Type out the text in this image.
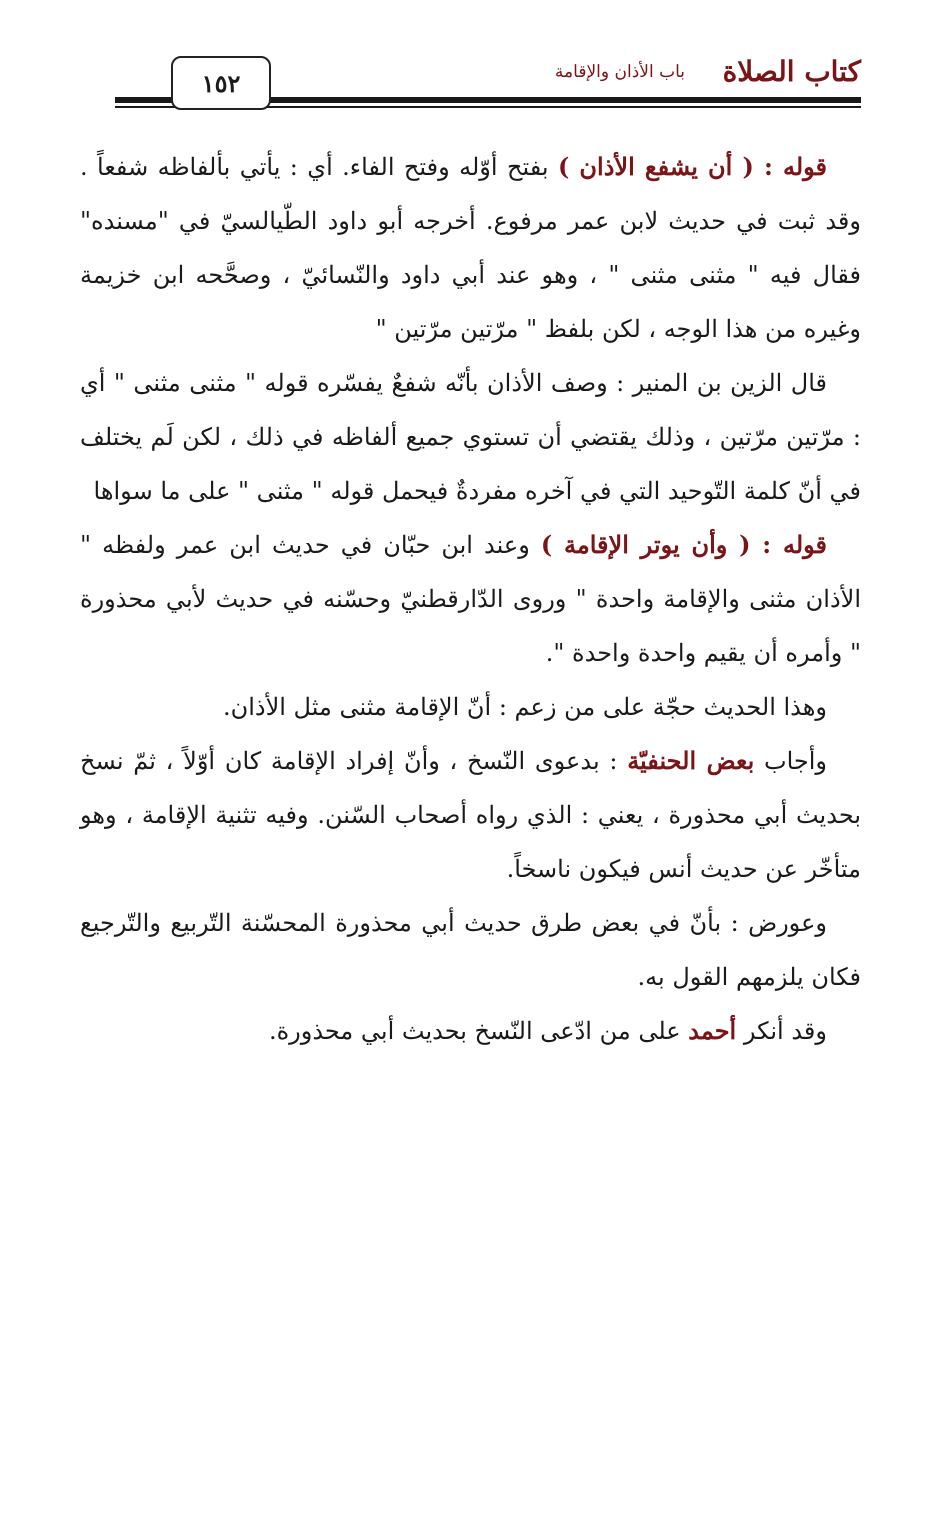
كتاب الصلاة
باب الأذان والإقامة
١٥٢

قوله : ( أن يشفع الأذان ) بفتح أوّله وفتح الفاء. أي : يأتي بألفاظه شفعاً . وقد ثبت في حديث لابن عمر مرفوع. أخرجه أبو داود الطّيالسيّ في "مسنده" فقال فيه " مثنى مثنى " ، وهو عند أبي داود والنّسائيّ ، وصحَّحه ابن خزيمة وغيره من هذا الوجه ، لكن بلفظ " مرّتين مرّتين "

قال الزين بن المنير : وصف الأذان بأنّه شفعٌ يفسّره قوله " مثنى مثنى " أي : مرّتين مرّتين ، وذلك يقتضي أن تستوي جميع ألفاظه في ذلك ، لكن لَم يختلف في أنّ كلمة التّوحيد التي في آخره مفردةٌ فيحمل قوله " مثنى " على ما سواها

قوله : ( وأن يوتر الإقامة ) وعند ابن حبّان في حديث ابن عمر ولفظه " الأذان مثنى والإقامة واحدة " وروى الدّارقطنيّ وحسّنه في حديث لأبي محذورة " وأمره أن يقيم واحدة واحدة ".

وهذا الحديث حجّة على من زعم : أنّ الإقامة مثنى مثل الأذان.

وأجاب بعض الحنفيّة : بدعوى النّسخ ، وأنّ إفراد الإقامة كان أوّلاً ، ثمّ نسخ بحديث أبي محذورة ، يعني : الذي رواه أصحاب السّنن. وفيه تثنية الإقامة ، وهو متأخّر عن حديث أنس فيكون ناسخاً.

وعورض : بأنّ في بعض طرق حديث أبي محذورة المحسّنة التّربيع والتّرجيع فكان يلزمهم القول به.

وقد أنكر أحمد على من ادّعى النّسخ بحديث أبي محذورة.
